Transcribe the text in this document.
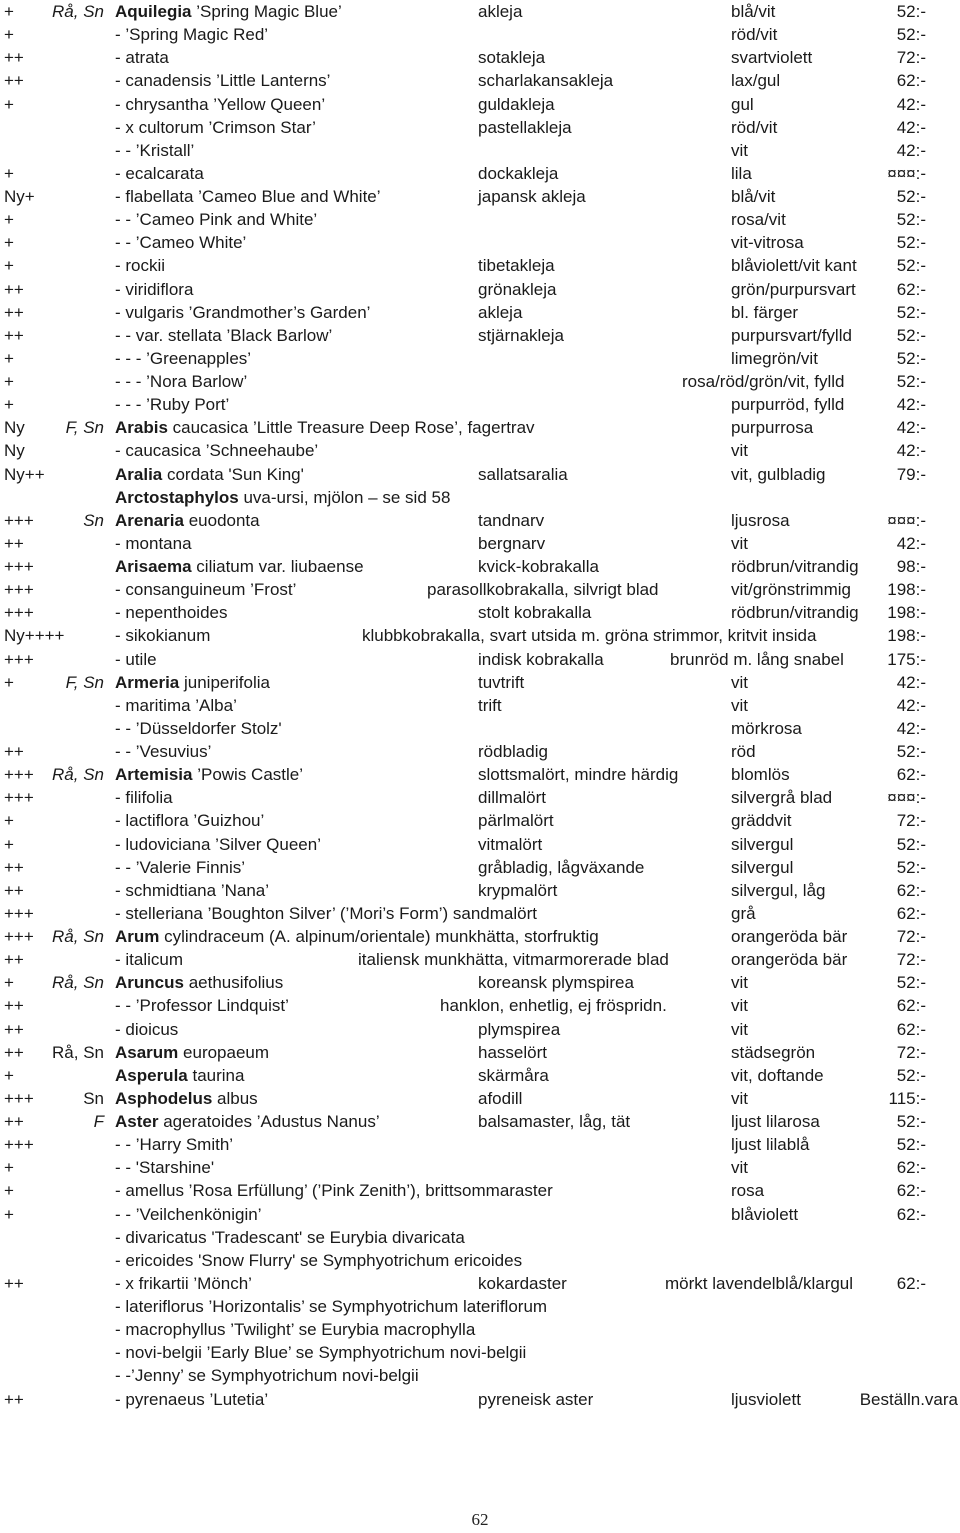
+	Rå, Sn Aquilegia ’Spring Magic Blue’	akleja	blå/vit	52:-
+	- ’Spring Magic Red’	röd/vit	52:-
++	- atrata	sotakleja	svartviolett	72:-
++	- canadensis ’Little Lanterns’	scharlakansakleja	lax/gul	62:-
+	- chrysantha ’Yellow Queen’	guldakleja	gul	42:-
- x cultorum ’Crimson Star’	pastellakleja	röd/vit	42:-
- - ’Kristall’	vit	42:-
+	- ecalcarata	dockakleja	lila	¤¤¤:-
Ny+	- flabellata ’Cameo Blue and White’	japansk akleja	blå/vit	52:-
+	- - ’Cameo Pink and White’	rosa/vit	52:-
+	- - ’Cameo White’	vit-vitrosa	52:-
+	- rockii	tibetakleja	blåviolett/vit kant 52:-
++	- viridiflora	grönakleja	grön/purpursvart 62:-
++	- vulgaris ’Grandmother’s Garden’	akleja	bl. färger	52:-
++	- - var. stellata ’Black Barlow’	stjärnakleja	purpursvart/fylld	52:-
+	- - - ’Greenapples’	limegrön/vit	52:-
+	- - - ’Nora Barlow’	rosa/röd/grön/vit, fylld	52:-
+	- - - ’Ruby Port’	purpurröd, fylld	42:-
Ny	F, Sn Arabis caucasica ’Little Treasure Deep Rose’, fagertrav	purpurrosa	42:-
Ny	- caucasica ’Schneehaube’	vit	42:-
Ny++	Aralia cordata 'Sun King'	sallatsaralia	vit, gulbladig	79:-
Arctostaphylos uva-ursi, mjölon – se sid 58
+++	Sn Arenaria euodonta	tandnarv	ljusrosa	¤¤¤:-
++	- montana	bergnarv	vit	42:-
+++	Arisaema ciliatum var. liubaense	kvick-kobrakalla	rödbrun/vitrandig 98:-
+++	- consanguineum ’Frost’	parasollkobrakalla, silvrigt blad	vit/grönstrimmig 198:-
+++	- nepenthoides	stolt kobrakalla	rödbrun/vitrandig 198:-
Ny++++	- sikokianum	klubbkobrakalla, svart utsida m. gröna strimmor, kritvit insida	198:-
+++	- utile	indisk kobrakalla	brunröd m. lång snabel	175:-
+	F, Sn Armeria juniperifolia	tuvtrift	vit	42:-
- maritima ’Alba’	trift	vit	42:-
- - ’Düsseldorfer Stolz'	mörkrosa	42:-
++	- - ’Vesuvius’	rödbladig	röd	52:-
+++	Rå, Sn Artemisia ’Powis Castle’	slottsmalört, mindre härdig	blomlös	62:-
+++	- filifolia	dillmalört	silvergrå blad	¤¤¤:-
+	- lactiflora ’Guizhou’	pärlmalört	gräddvit	72:-
+	- ludoviciana ’Silver Queen’	vitmalört	silvergul	52:-
++	- - ’Valerie Finnis’	gråbladig, lågväxande	silvergul	52:-
++	- schmidtiana ’Nana’	krypmalört	silvergul, låg	62:-
+++	- stelleriana ’Boughton Silver’ (’Mori’s Form’) sandmalört	grå	62:-
+++	Rå, Sn Arum cylindraceum (A. alpinum/orientale) munkhätta, storfruktig	orangeröda bär	72:-
++	- italicum	italiensk munkhätta, vitmarmorerade blad	orangeröda bär	72:-
+	Rå, Sn Aruncus aethusifolius	koreansk plymspirea	vit	52:-
++	- - ’Professor Lindquist’	hanklon, enhetlig, ej fröspridn.	vit	62:-
++	- dioicus	plymspirea	vit	62:-
++	Rå, Sn Asarum europaeum	hasselört	städsegrön	72:-
+	Asperula taurina	skärmåra	vit, doftande	52:-
+++	Sn Asphodelus albus	afodill	vit	115:-
++	F Aster ageratoides ’Adustus Nanus’	balsamaster, låg, tät	ljust lilarosa	52:-
+++	- - ’Harry Smith’	ljust lilablå	52:-
+	- - 'Starshine'	vit	62:-
+	- amellus ’Rosa Erfüllung’ (’Pink Zenith’), brittsommaraster	rosa	62:-
+	- - ’Veilchenkönigin’	blåviolett	62:-
- divaricatus 'Tradescant' se Eurybia divaricata
- ericoides 'Snow Flurry' se Symphyotrichum ericoides
++	- x frikartii ’Mönch’	kokardaster	mörkt lavendelblå/klargul	62:-
- lateriflorus ’Horizontalis’ se Symphyotrichum lateriflorum
- macrophyllus ’Twilight’ se Eurybia macrophylla
- novi-belgii ’Early Blue’ se Symphyotrichum novi-belgii
- -’Jenny’ se Symphyotrichum novi-belgii
++	- pyrenaeus ’Lutetia’	pyreneisk aster	ljusviolett	Beställn.vara
62
